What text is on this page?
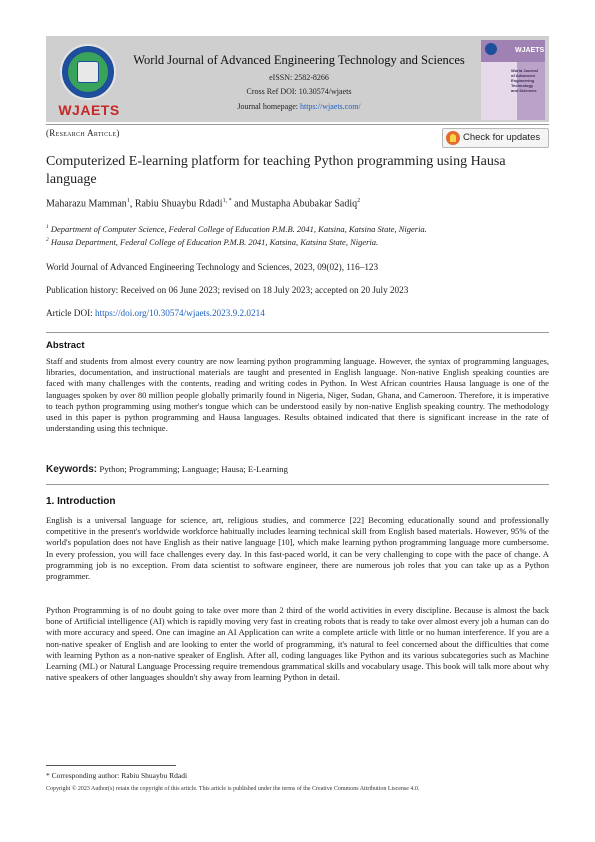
WJAETS
World Journal of Advanced Engineering Technology and Sciences
eISSN: 2582-8266
Cross Ref DOI: 10.30574/wjaets
Journal homepage: https://wjaets.com/
WJAETS
World Journal of Advanced Engineering Technology and Sciences
(Research Article)	Check for updates
Computerized E-learning platform for teaching Python programming using Hausa language
Maharazu Mamman$^1$, Rabiu Shuaybu Rdadi$^{1, *}$ and Mustapha Abubakar Sadiq$^2$
$^1$ Department of Computer Science, Federal College of Education P.M.B. 2041, Katsina, Katsina State, Nigeria.
$^2$ Hausa Department, Federal College of Education P.M.B. 2041, Katsina, Katsina State, Nigeria.
World Journal of Advanced Engineering Technology and Sciences, 2023, 09(02), 116–123
Publication history: Received on 06 June 2023; revised on 18 July 2023; accepted on 20 July 2023
Article DOI: https://doi.org/10.30574/wjaets.2023.9.2.0214
Abstract
Staff and students from almost every country are now learning python programming language. However, the syntax of programming languages, libraries, documentation, and instructional materials are taught and presented in English language. Non-native English speaking counties are faced with many challenges with the contents, reading and writing codes in Python. In West African countries Hausa language is one of the languages spoken by over 80 million people globally primarily found in Nigeria, Niger, Sudan, Ghana, and Cameroon. Therefore, it is imperative to teach python programming using mother's tongue which can be understood easily by non-native English speaking country. The methodology used in this paper is python programming and Hausa languages. Results obtained indicated that there is significant increase in the rate of understanding using this technique.
Keywords: Python; Programming; Language; Hausa; E-Learning
1. Introduction
English is a universal language for science, art, religious studies, and commerce [22] Becoming educationally sound and professionally competitive in the present's worldwide workforce habitually includes learning technical skill from English based materials. However, 95% of the world's population does not have English as their native language [10], which make learning python programming language more cumbersome. In every profession, you will face challenges every day. In this fast-paced world, it can be very challenging to cope with the pace of change. A programming job is no exception. From data scientist to software engineer, there are numerous job roles that you can take up as a Python programmer.
Python Programming is of no doubt going to take over more than 2 third of the world activities in every discipline. Because is almost the back bone of Artificial intelligence (AI) which is rapidly moving very fast in creating robots that is ready to take over almost every job a human can do with more accuracy and speed. One can imagine an AI Application can write a complete article with little or no human interference. If you are a non-native speaker of English and are looking to enter the world of programming, it's natural to feel concerned about the difficulties that come with learning Python as a non-native speaker of English. After all, coding languages like Python and its various subcategories such as Machine Learning (ML) or Natural Language Processing require tremendous grammatical skills and vocabulary usage. This book will talk more about why native speakers of other languages shouldn't shy away from learning Python in detail.
* Corresponding author: Rabiu Shuaybu Rdadi
Copyright © 2023 Author(s) retain the copyright of this article. This article is published under the terms of the Creative Commons Attribution Liscense 4.0.
